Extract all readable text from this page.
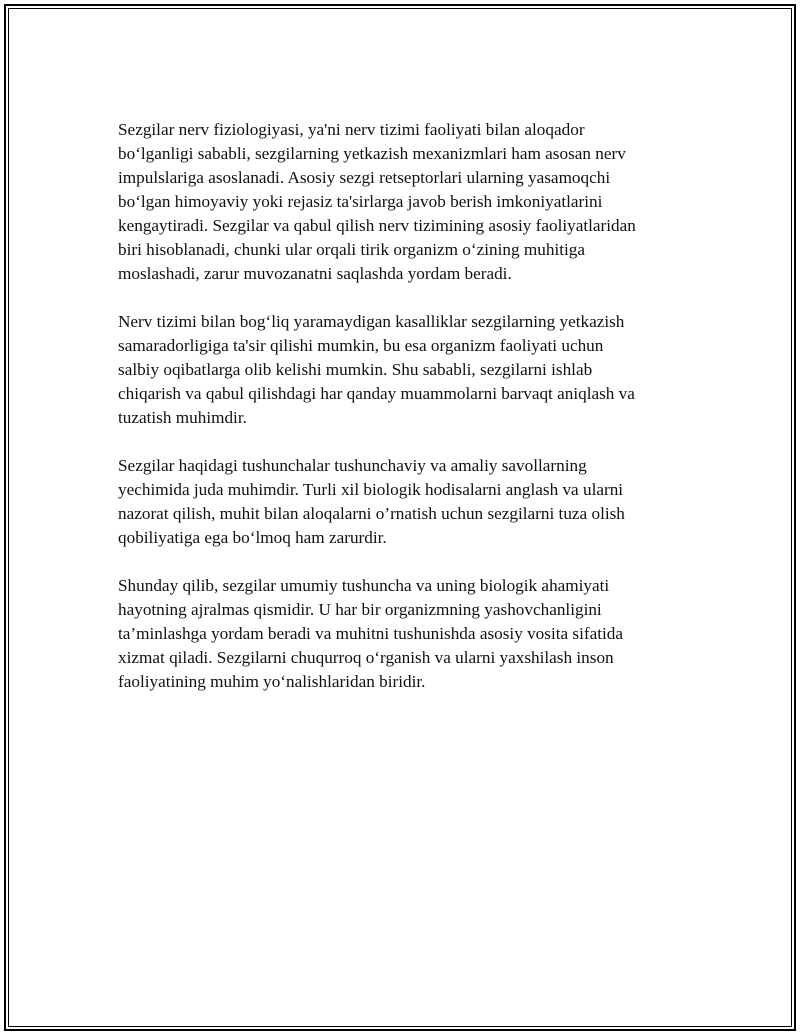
Sezgilar nerv fiziologiyasi, ya'ni nerv tizimi faoliyati bilan aloqador
bo‘lganligi sababli, sezgilarning yetkazish mexanizmlari ham asosan nerv
impulslariga asoslanadi. Asosiy sezgi retseptorlari ularning yasamoqchi
bo‘lgan himoyaviy yoki rejasiz ta'sirlarga javob berish imkoniyatlarini
kengaytiradi. Sezgilar va qabul qilish nerv tizimining asosiy faoliyatlaridan
biri hisoblanadi, chunki ular orqali tirik organizm o‘zining muhitiga
moslashadi, zarur muvozanatni saqlashda yordam beradi.

Nerv tizimi bilan bog‘liq yaramaydigan kasalliklar sezgilarning yetkazish
samaradorligiga ta'sir qilishi mumkin, bu esa organizm faoliyati uchun
salbiy oqibatlarga olib kelishi mumkin. Shu sababli, sezgilarni ishlab
chiqarish va qabul qilishdagi har qanday muammolarni barvaqt aniqlash va
tuzatish muhimdir.

Sezgilar haqidagi tushunchalar tushunchaviy va amaliy savollarning
yechimida juda muhimdir. Turli xil biologik hodisalarni anglash va ularni
nazorat qilish, muhit bilan aloqalarni o’rnatish uchun sezgilarni tuza olish
qobiliyatiga ega bo‘lmoq ham zarurdir.

Shunday qilib, sezgilar umumiy tushuncha va uning biologik ahamiyati
hayotning ajralmas qismidir. U har bir organizmning yashovchanligini
ta’minlashga yordam beradi va muhitni tushunishda asosiy vosita sifatida
xizmat qiladi. Sezgilarni chuqurroq o‘rganish va ularni yaxshilash inson
faoliyatining muhim yo‘nalishlaridan biridir.
